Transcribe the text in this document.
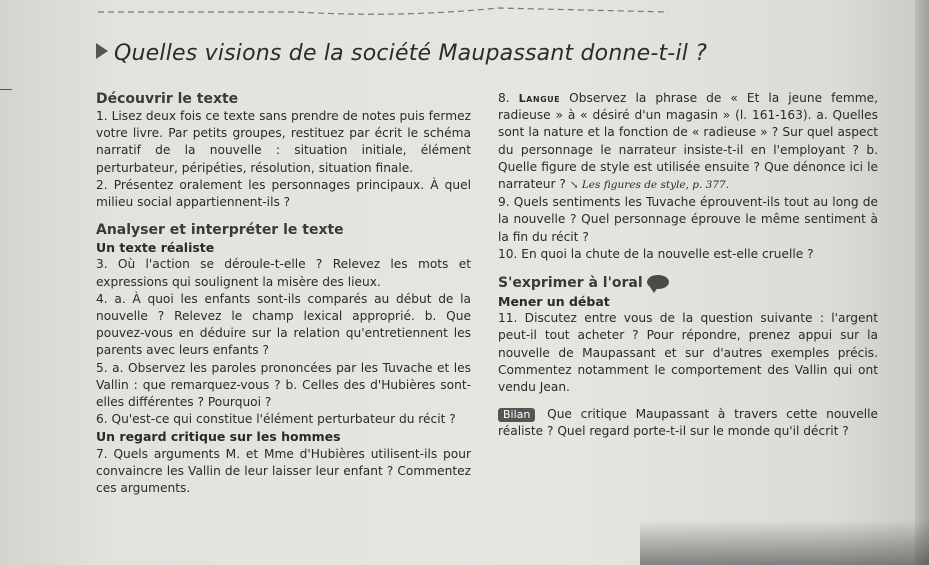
Quelles visions de la société Maupassant donne-t-il ?
Découvrir le texte
1. Lisez deux fois ce texte sans prendre de notes puis fermez votre livre. Par petits groupes, restituez par écrit le schéma narratif de la nouvelle : situation initiale, élément perturbateur, péripéties, résolution, situation finale.
2. Présentez oralement les personnages principaux. À quel milieu social appartiennent-ils ?
Analyser et interpréter le texte
Un texte réaliste
3. Où l'action se déroule-t-elle ? Relevez les mots et expressions qui soulignent la misère des lieux.
4. a. À quoi les enfants sont-ils comparés au début de la nouvelle ? Relevez le champ lexical approprié. b. Que pouvez-vous en déduire sur la relation qu'entretiennent les parents avec leurs enfants ?
5. a. Observez les paroles prononcées par les Tuvache et les Vallin : que remarquez-vous ? b. Celles des d'Hubières sont-elles différentes ? Pourquoi ?
6. Qu'est-ce qui constitue l'élément perturbateur du récit ?
Un regard critique sur les hommes
7. Quels arguments M. et Mme d'Hubières utilisent-ils pour convaincre les Vallin de leur laisser leur enfant ? Commentez ces arguments.
8. Langue Observez la phrase de « Et la jeune femme, radieuse » à « désiré d'un magasin » (l. 161-163). a. Quelles sont la nature et la fonction de « radieuse » ? Sur quel aspect du personnage le narrateur insiste-t-il en l'employant ? b. Quelle figure de style est utilisée ensuite ? Que dénonce ici le narrateur ? ↘ Les figures de style, p. 377.
9. Quels sentiments les Tuvache éprouvent-ils tout au long de la nouvelle ? Quel personnage éprouve le même sentiment à la fin du récit ?
10. En quoi la chute de la nouvelle est-elle cruelle ?
S'exprimer à l'oral
Mener un débat
11. Discutez entre vous de la question suivante : l'argent peut-il tout acheter ? Pour répondre, prenez appui sur la nouvelle de Maupassant et sur d'autres exemples précis. Commentez notamment le comportement des Vallin qui ont vendu Jean.
Bilan Que critique Maupassant à travers cette nouvelle réaliste ? Quel regard porte-t-il sur le monde qu'il décrit ?
